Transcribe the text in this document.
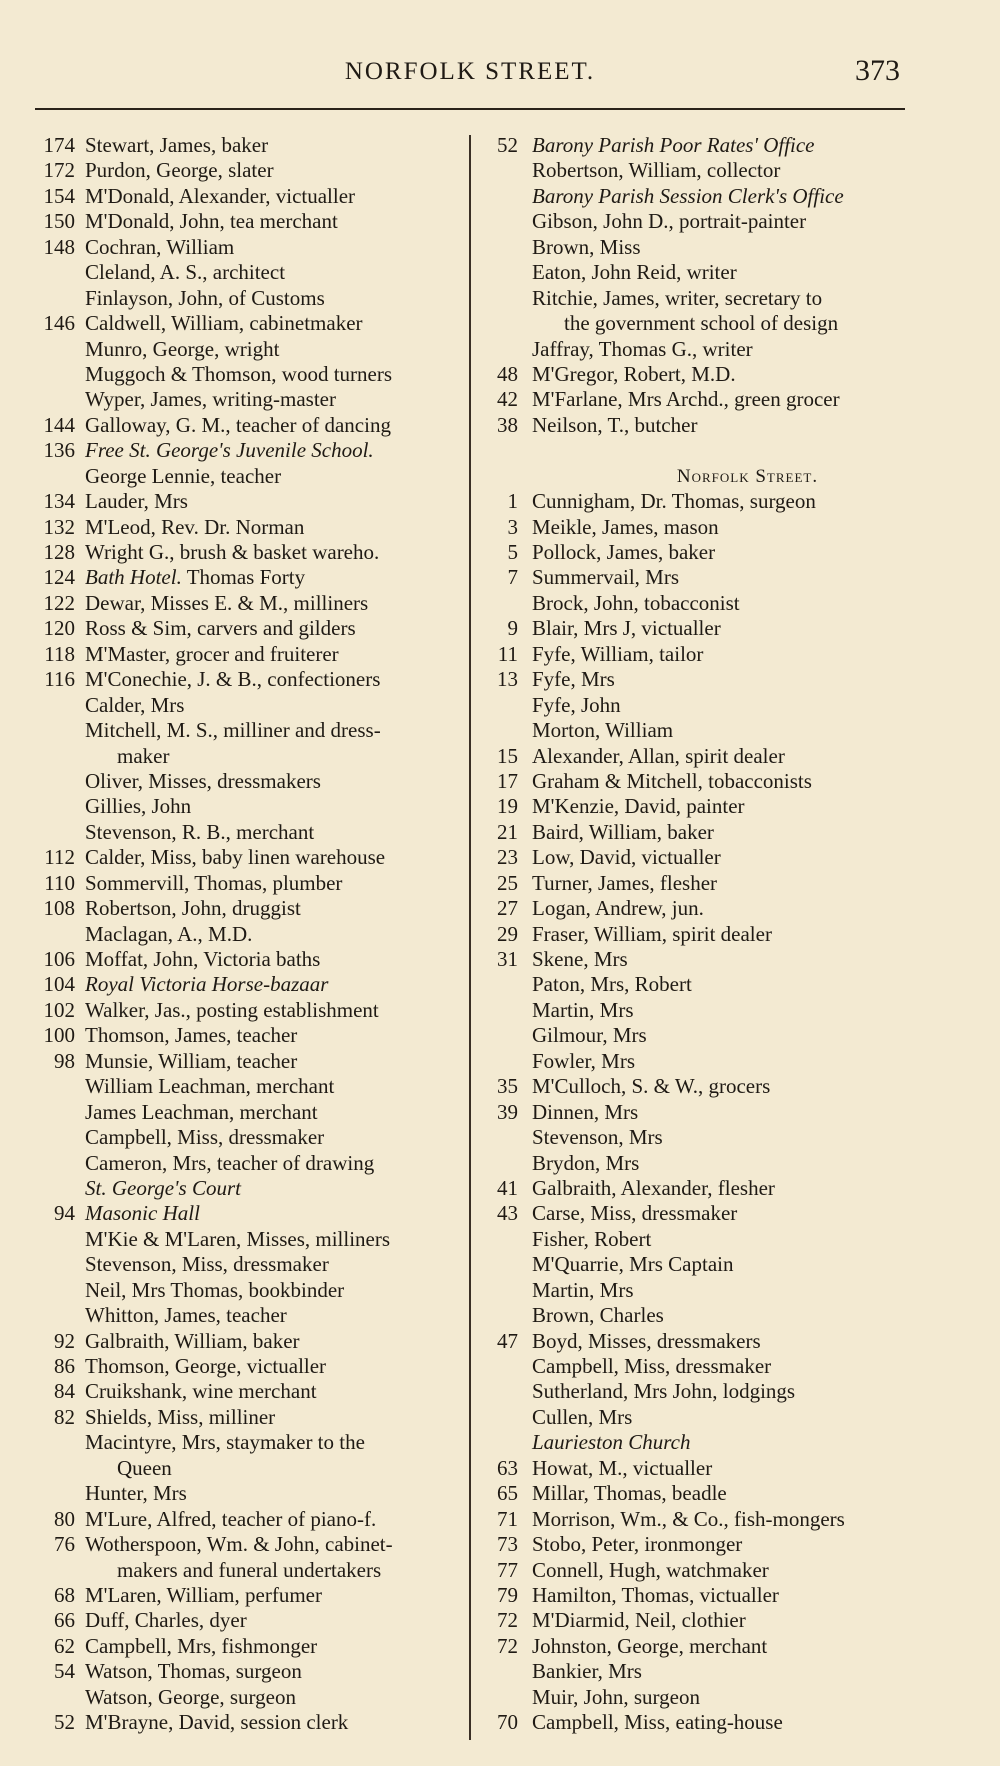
NORFOLK STREET.	373
174 Stewart, James, baker
172 Purdon, George, slater
154 M'Donald, Alexander, victualler
150 M'Donald, John, tea merchant
148 Cochran, William
Cleland, A. S., architect
Finlayson, John, of Customs
146 Caldwell, William, cabinetmaker
Munro, George, wright
Muggoch & Thomson, wood turners
Wyper, James, writing-master
144 Galloway, G. M., teacher of dancing
136 Free St. George's Juvenile School.
George Lennie, teacher
134 Lauder, Mrs
132 M'Leod, Rev. Dr. Norman
128 Wright G., brush & basket wareho.
124 Bath Hotel. Thomas Forty
122 Dewar, Misses E. & M., milliners
120 Ross & Sim, carvers and gilders
118 M'Master, grocer and fruiterer
116 M'Conechie, J. & B., confectioners
Calder, Mrs
Mitchell, M. S., milliner and dress-
maker
Oliver, Misses, dressmakers
Gillies, John
Stevenson, R. B., merchant
112 Calder, Miss, baby linen warehouse
110 Sommervill, Thomas, plumber
108 Robertson, John, druggist
Maclagan, A., M.D.
106 Moffat, John, Victoria baths
104 Royal Victoria Horse-bazaar
102 Walker, Jas., posting establishment
100 Thomson, James, teacher
98 Munsie, William, teacher
William Leachman, merchant
James Leachman, merchant
Campbell, Miss, dressmaker
Cameron, Mrs, teacher of drawing
St. George's Court
94 Masonic Hall
M'Kie & M'Laren, Misses, milliners
Stevenson, Miss, dressmaker
Neil, Mrs Thomas, bookbinder
Whitton, James, teacher
92 Galbraith, William, baker
86 Thomson, George, victualler
84 Cruikshank, wine merchant
82 Shields, Miss, milliner
Macintyre, Mrs, staymaker to the
Queen
Hunter, Mrs
80 M'Lure, Alfred, teacher of piano-f.
76 Wotherspoon, Wm. & John, cabinet-
makers and funeral undertakers
68 M'Laren, William, perfumer
66 Duff, Charles, dyer
62 Campbell, Mrs, fishmonger
54 Watson, Thomas, surgeon
Watson, George, surgeon
52 M'Brayne, David, session clerk
52 Barony Parish Poor Rates' Office
Robertson, William, collector
Barony Parish Session Clerk's Office
Gibson, John D., portrait-painter
Brown, Miss
Eaton, John Reid, writer
Ritchie, James, writer, secretary to
the government school of design
Jaffray, Thomas G., writer
48 M'Gregor, Robert, M.D.
42 M'Farlane, Mrs Archd., green grocer
38 Neilson, T., butcher
Norfolk Street.
1 Cunnigham, Dr. Thomas, surgeon
3 Meikle, James, mason
5 Pollock, James, baker
7 Summervail, Mrs
Brock, John, tobacconist
9 Blair, Mrs J, victualler
11 Fyfe, William, tailor
13 Fyfe, Mrs
Fyfe, John
Morton, William
15 Alexander, Allan, spirit dealer
17 Graham & Mitchell, tobacconists
19 M'Kenzie, David, painter
21 Baird, William, baker
23 Low, David, victualler
25 Turner, James, flesher
27 Logan, Andrew, jun.
29 Fraser, William, spirit dealer
31 Skene, Mrs
Paton, Mrs, Robert
Martin, Mrs
Gilmour, Mrs
Fowler, Mrs
35 M'Culloch, S. & W., grocers
39 Dinnen, Mrs
Stevenson, Mrs
Brydon, Mrs
41 Galbraith, Alexander, flesher
43 Carse, Miss, dressmaker
Fisher, Robert
M'Quarrie, Mrs Captain
Martin, Mrs
Brown, Charles
47 Boyd, Misses, dressmakers
Campbell, Miss, dressmaker
Sutherland, Mrs John, lodgings
Cullen, Mrs
Laurieston Church
63 Howat, M., victualler
65 Millar, Thomas, beadle
71 Morrison, Wm., & Co., fish-mongers
73 Stobo, Peter, ironmonger
77 Connell, Hugh, watchmaker
79 Hamilton, Thomas, victualler
72 M'Diarmid, Neil, clothier
72 Johnston, George, merchant
Bankier, Mrs
Muir, John, surgeon
70 Campbell, Miss, eating-house
